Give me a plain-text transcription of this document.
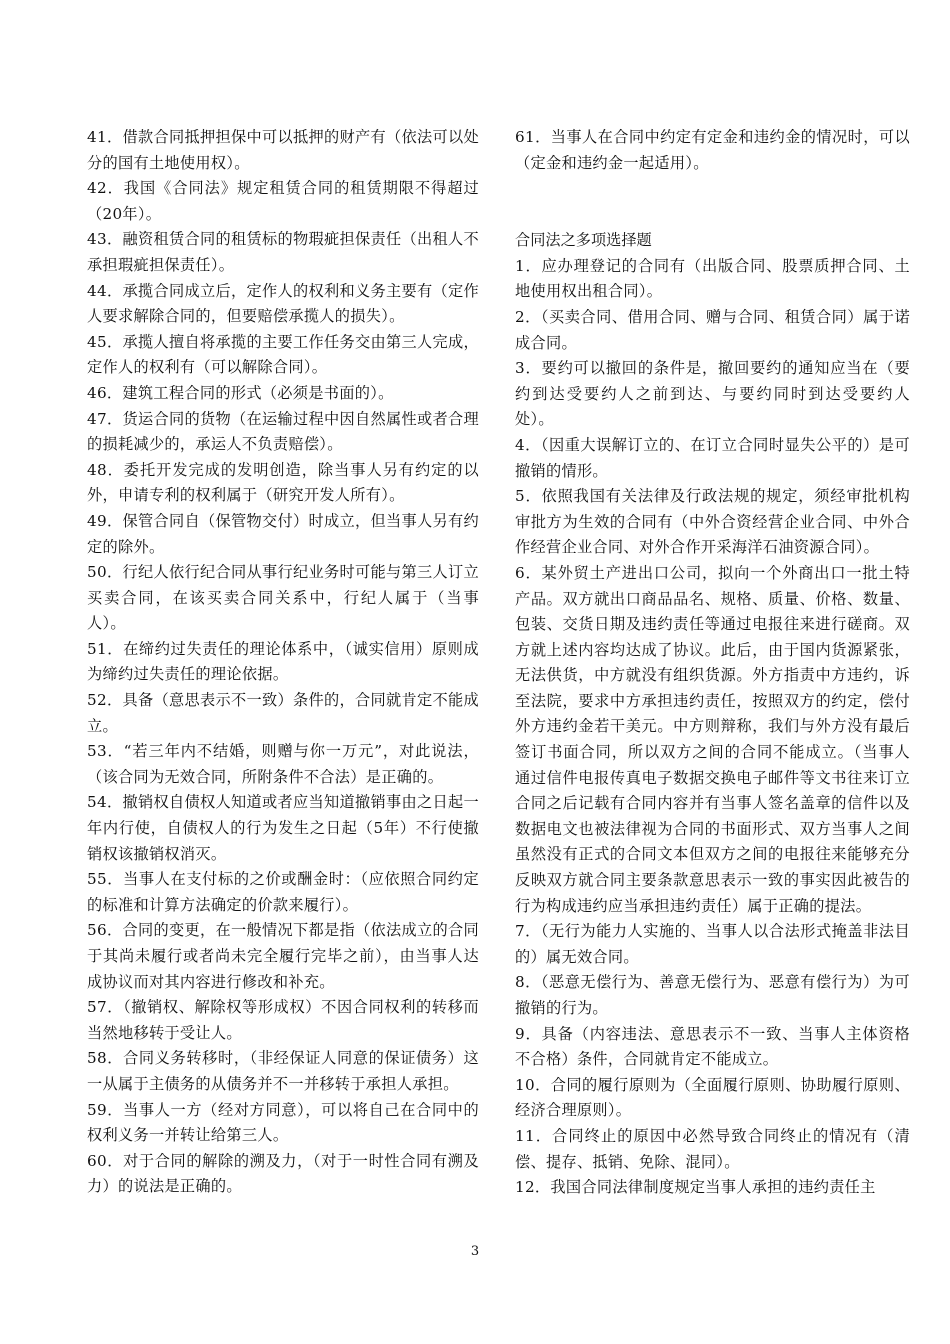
41．借款合同抵押担保中可以抵押的财产有（依法可以处分的国有土地使用权）。

42．我国《合同法》规定租赁合同的租赁期限不得超过（20年）。

43．融资租赁合同的租赁标的物瑕疵担保责任（出租人不承担瑕疵担保责任）。

44．承揽合同成立后，定作人的权利和义务主要有（定作人要求解除合同的，但要赔偿承揽人的损失）。

45．承揽人擅自将承揽的主要工作任务交由第三人完成，定作人的权利有（可以解除合同）。

46．建筑工程合同的形式（必须是书面的）。

47．货运合同的货物（在运输过程中因自然属性或者合理的损耗减少的，承运人不负责赔偿）。

48．委托开发完成的发明创造，除当事人另有约定的以外，申请专利的权利属于（研究开发人所有）。

49．保管合同自（保管物交付）时成立，但当事人另有约定的除外。

50．行纪人依行纪合同从事行纪业务时可能与第三人订立买卖合同，在该买卖合同关系中，行纪人属于（当事人）。

51．在缔约过失责任的理论体系中，（诚实信用）原则成为缔约过失责任的理论依据。

52．具备（意思表示不一致）条件的，合同就肯定不能成立。

53．“若三年内不结婚，则赠与你一万元”，对此说法，（该合同为无效合同，所附条件不合法）是正确的。

54．撤销权自债权人知道或者应当知道撤销事由之日起一年内行使，自债权人的行为发生之日起（5年）不行使撤销权该撤销权消灭。

55．当事人在支付标的之价或酬金时：（应依照合同约定的标准和计算方法确定的价款来履行）。

56．合同的变更，在一般情况下都是指（依法成立的合同于其尚未履行或者尚未完全履行完毕之前），由当事人达成协议而对其内容进行修改和补充。

57．（撤销权、解除权等形成权）不因合同权利的转移而当然地移转于受让人。

58．合同义务转移时，（非经保证人同意的保证债务）这一从属于主债务的从债务并不一并移转于承担人承担。

59．当事人一方（经对方同意），可以将自己在合同中的权利义务一并转让给第三人。

60．对于合同的解除的溯及力，（对于一时性合同有溯及力）的说法是正确的。

61．当事人在合同中约定有定金和违约金的情况时，可以（定金和违约金一起适用）。

合同法之多项选择题

1．应办理登记的合同有（出版合同、股票质押合同、土地使用权出租合同）。

2．（买卖合同、借用合同、赠与合同、租赁合同）属于诺成合同。

3．要约可以撤回的条件是，撤回要约的通知应当在（要约到达受要约人之前到达、与要约同时到达受要约人处）。

4．（因重大误解订立的、在订立合同时显失公平的）是可撤销的情形。

5．依照我国有关法律及行政法规的规定，须经审批机构审批方为生效的合同有（中外合资经营企业合同、中外合作经营企业合同、对外合作开采海洋石油资源合同）。

6．某外贸土产进出口公司，拟向一个外商出口一批土特产品。双方就出口商品品名、规格、质量、价格、数量、包装、交货日期及违约责任等通过电报往来进行磋商。双方就上述内容均达成了协议。此后，由于国内货源紧张，无法供货，中方就没有组织货源。外方指责中方违约，诉至法院，要求中方承担违约责任，按照双方的约定，偿付外方违约金若干美元。中方则辩称，我们与外方没有最后签订书面合同，所以双方之间的合同不能成立。（当事人通过信件电报传真电子数据交换电子邮件等文书往来订立合同之后记载有合同内容并有当事人签名盖章的信件以及数据电文也被法律视为合同的书面形式、双方当事人之间虽然没有正式的合同文本但双方之间的电报往来能够充分反映双方就合同主要条款意思表示一致的事实因此被告的行为构成违约应当承担违约责任）属于正确的提法。

7．（无行为能力人实施的、当事人以合法形式掩盖非法目的）属无效合同。

8．（恶意无偿行为、善意无偿行为、恶意有偿行为）为可撤销的行为。

9．具备（内容违法、意思表示不一致、当事人主体资格不合格）条件，合同就肯定不能成立。

10．合同的履行原则为（全面履行原则、协助履行原则、经济合理原则）。

11．合同终止的原因中必然导致合同终止的情况有（清偿、提存、抵销、免除、混同）。

12．我国合同法律制度规定当事人承担的违约责任主

3
